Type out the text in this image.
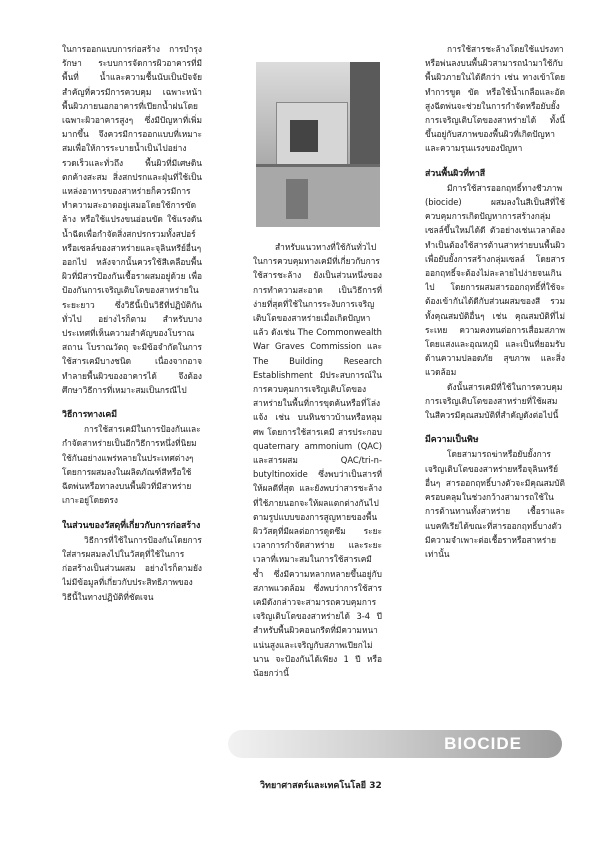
ในการออกแบบการก่อสร้าง การบำรุงรักษา ระบบการจัดการผิวอาคารที่มีพื้นที่ น้ำและความชื้นนับเป็นปัจจัยสำคัญที่ควรมีการควบคุม เฉพาะหน้าพื้นผิวภายนอกอาคารที่เปียกน้ำฝนโดยเฉพาะผิวอาคารสูงๆ ซึ่งมีปัญหาที่เพิ่มมากขึ้น จึงควรมีการออกแบบที่เหมาะสมเพื่อให้การระบายน้ำเป็นไปอย่างรวดเร็วและทั่วถึง พื้นผิวที่มีเศษดินตกค้างสะสม สิ่งสกปรกและฝุ่นที่ใช้เป็นแหล่งอาหารของสาหร่ายก็ควรมีการทำความสะอาดอยู่เสมอโดยใช้การขัดล้าง หรือใช้แปรงขนอ่อนขัด ใช้แรงดันน้ำฉีดเพื่อกำจัดสิ่งสกปรกรวมทั้งสปอร์หรือเซลล์ของสาหร่ายและจุลินทรีย์อื่นๆ ออกไป หลังจากนั้นควรใช้สีเคลือบพื้นผิวที่มีสารป้องกันเชื้อราผสมอยู่ด้วย เพื่อป้องกันการเจริญเติบโตของสาหร่ายในระยะยาว ซึ่งวิธีนี้เป็นวิธีที่ปฏิบัติกันทั่วไป อย่างไรก็ตาม สำหรับบางประเทศที่เห็นความสำคัญของโบราณสถาน โบราณวัตถุ จะมีข้อจำกัดในการใช้สารเคมีบางชนิด เนื่องจากอาจทำลายพื้นผิวของอาคารได้ จึงต้องศึกษาวิธีการที่เหมาะสมเป็นกรณีไป

วิธีการทางเคมี

การใช้สารเคมีในการป้องกันและกำจัดสาหร่ายเป็นอีกวิธีการหนึ่งที่นิยมใช้กันอย่างแพร่หลายในประเทศต่างๆ โดยการผสมลงในผลิตภัณฑ์สีหรือใช้ฉีดพ่นหรือทาลงบนพื้นผิวที่มีสาหร่ายเกาะอยู่โดยตรง

ในส่วนของวัสดุที่เกี่ยวกับการก่อสร้าง

วิธีการที่ใช้ในการป้องกันโดยการใส่สารผสมลงไปในวัสดุที่ใช้ในการก่อสร้างเป็นส่วนผสม อย่างไรก็ตามยังไม่มีข้อมูลที่เกี่ยวกับประสิทธิภาพของวิธีนี้ในทางปฏิบัติที่ชัดเจน

สำหรับแนวทางที่ใช้กันทั่วไปในการควบคุมทางเคมีที่เกี่ยวกับการใช้สารชะล้าง ยังเป็นส่วนหนึ่งของการทำความสะอาด เป็นวิธีการที่ง่ายที่สุดที่ใช้ในการระงับการเจริญเติบโตของสาหร่ายเมื่อเกิดปัญหาแล้ว ดังเช่น The Commonwealth War Graves Commission และ The Building Research Establishment มีประสบการณ์ในการควบคุมการเจริญเติบโตของสาหร่ายในพื้นที่การขุดค้นหรือที่โล่งแจ้ง เช่น บนหินชาวบ้านหรือหลุมศพ โดยการใช้สารเคมี สารประกอบ quaternary ammonium (QAC) และสารผสม QAC/tri-n-butyltinoxide ซึ่งพบว่าเป็นสารที่ให้ผลดีที่สุด และยังพบว่าสารชะล้างที่ใช้ภายนอกจะให้ผลแตกต่างกันไปตามรูปแบบของการสูญหายของพื้นผิววัสดุที่มีผลต่อการดูดซึม ระยะเวลาการกำจัดสาหร่าย และระยะเวลาที่เหมาะสมในการใช้สารเคมีซ้ำ ซึ่งมีความหลากหลายขึ้นอยู่กับสภาพแวดล้อม ซึ่งพบว่าการใช้สารเคมีดังกล่าวจะสามารถควบคุมการเจริญเติบโตของสาหร่ายได้ 3-4 ปี สำหรับพื้นผิวคอนกรีตที่มีความหนาแน่นสูงและเจริญกับสภาพเปียกไม่นาน จะป้องกันได้เพียง 1 ปี หรือน้อยกว่านี้

การใช้สารชะล้างโดยใช้แปรงทาหรือพ่นลงบนพื้นผิวสามารถนำมาใช้กับพื้นผิวภายในได้ดีกว่า เช่น ทางเข้าโดยทำการขูด ขัด หรือใช้น้ำเกลือและอัดสูงฉีดพ่นจะช่วยในการกำจัดหรือยับยั้งการเจริญเติบโตของสาหร่ายได้ ทั้งนี้ขึ้นอยู่กับสภาพของพื้นผิวที่เกิดปัญหาและความรุนแรงของปัญหา

ส่วนพื้นผิวที่ทาสี

มีการใช้สารออกฤทธิ์ทางชีวภาพ (biocide) ผสมลงในสีเป็นสีที่ใช้ควบคุมการเกิดปัญหาการสร้างกลุ่มเซลล์ขึ้นใหม่ได้ดี ตัวอย่างเช่นเวลาต้องทำเป็นต้องใช้สารต้านสาหร่ายบนพื้นผิวเพื่อยับยั้งการสร้างกลุ่มเซลล์ โดยสารออกฤทธิ์จะต้องไม่ละลายไปง่ายจนเกินไป โดยการผสมสารออกฤทธิ์ที่ใช้จะต้องเข้ากันได้ดีกับส่วนผสมของสี รวมทั้งคุณสมบัติอื่นๆ เช่น คุณสมบัติที่ไม่ระเหย ความคงทนต่อการเสื่อมสภาพโดยแสงและอุณหภูมิ และเป็นที่ยอมรับด้านความปลอดภัย สุขภาพ และสิ่งแวดล้อม

ดังนั้นสารเคมีที่ใช้ในการควบคุมการเจริญเติบโตของสาหร่ายที่ใช้ผสมในสีควรมีคุณสมบัติที่สำคัญดังต่อไปนี้

มีความเป็นพิษ

โดยสามารถฆ่าหรือยับยั้งการเจริญเติบโตของสาหร่ายหรือจุลินทรีย์อื่นๆ สารออกฤทธิ์บางตัวจะมีคุณสมบัติครอบคลุมในช่วงกว้างสามารถใช้ในการต้านทานทั้งสาหร่าย เชื้อราและแบคทีเรียได้ขณะที่สารออกฤทธิ์บางตัวมีความจำเพาะต่อเชื้อราหรือสาหร่ายเท่านั้น

BIOCIDE
วิทยาศาสตร์และเทคโนโลยี 32
